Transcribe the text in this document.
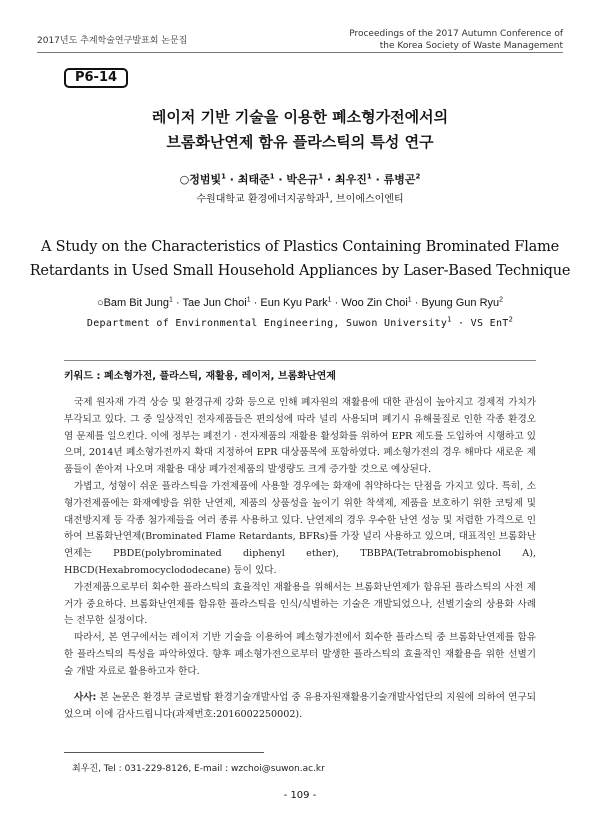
2017년도 추계학술연구발표회 논문집
Proceedings of the 2017 Autumn Conference of
the Korea Society of Waste Management
P6-14
레이저 기반 기술을 이용한 폐소형가전에서의
브롬화난연제 함유 플라스틱의 특성 연구
○정범빛$^1$ · 최태준$^1$ · 박은규$^1$ · 최우진$^1$ · 류병곤$^2$
수원대학교 환경에너지공학과$^1$, 브이에스이엔티
A Study on the Characteristics of Plastics Containing Brominated Flame
Retardants in Used Small Household Appliances by Laser-Based Technique
○Bam Bit Jung$^1$ · Tae Jun Choi$^1$ · Eun Kyu Park$^1$ · Woo Zin Choi$^1$ · Byung Gun Ryu$^2$
Department of Environmental Engineering, Suwon University$^1$ · VS EnT$^2$
키워드 : 폐소형가전, 플라스틱, 재활용, 레이저, 브롬화난연제

국제 원자재 가격 상승 및 환경규제 강화 등으로 인해 폐자원의 재활용에 대한 관심이 높아지고 경제적 가치가 부각되고 있다. 그 중 일상적인 전자제품들은 편의성에 따라 널리 사용되며 폐기시 유해물질로 인한 각종 환경오염 문제를 일으킨다. 이에 정부는 폐전기 · 전자제품의 재활용 활성화를 위하여 EPR 제도를 도입하여 시행하고 있으며, 2014년 폐소형가전까지 확대 지정하여 EPR 대상품목에 포함하였다. 폐소형가전의 경우 해마다 새로운 제품들이 쏟아져 나오며 재활용 대상 폐가전제품의 발생량도 크게 증가할 것으로 예상된다.

가볍고, 성형이 쉬운 플라스틱을 가전제품에 사용할 경우에는 화재에 취약하다는 단점을 가지고 있다. 특히, 소형가전제품에는 화재예방을 위한 난연제, 제품의 상품성을 높이기 위한 착색제, 제품을 보호하기 위한 코팅제 및 대전방지제 등 각종 첨가제들을 여러 종류 사용하고 있다. 난연제의 경우 우수한 난연 성능 및 저렴한 가격으로 인하여 브롬화난연제(Brominated Flame Retardants, BFRs)를 가장 널리 사용하고 있으며, 대표적인 브롬화난연제는 PBDE(polybrominated diphenyl ether), TBBPA(Tetrabromobisphenol A), HBCD(Hexabromocyclododecane) 등이 있다.

가전제품으로부터 회수한 플라스틱의 효율적인 재활용을 위해서는 브롬화난연제가 함유된 플라스틱의 사전 제거가 중요하다. 브롬화난연제를 함유한 플라스틱을 인식/식별하는 기술은 개발되었으나, 선별기술의 상용화 사례는 전무한 실정이다.

따라서, 본 연구에서는 레이저 기반 기술을 이용하여 폐소형가전에서 회수한 플라스틱 중 브롬화난연제를 함유한 플라스틱의 특성을 파악하였다. 향후 폐소형가전으로부터 발생한 플라스틱의 효율적인 재활용을 위한 선별기술 개발 자료로 활용하고자 한다.

사사: 본 논문은 환경부 글로벌탑 환경기술개발사업 중 유용자원재활용기술개발사업단의 지원에 의하여 연구되었으며 이에 감사드립니다(과제번호:2016002250002).
최우진, Tel : 031-229-8126, E-mail : wzchoi@suwon.ac.kr
- 109 -
